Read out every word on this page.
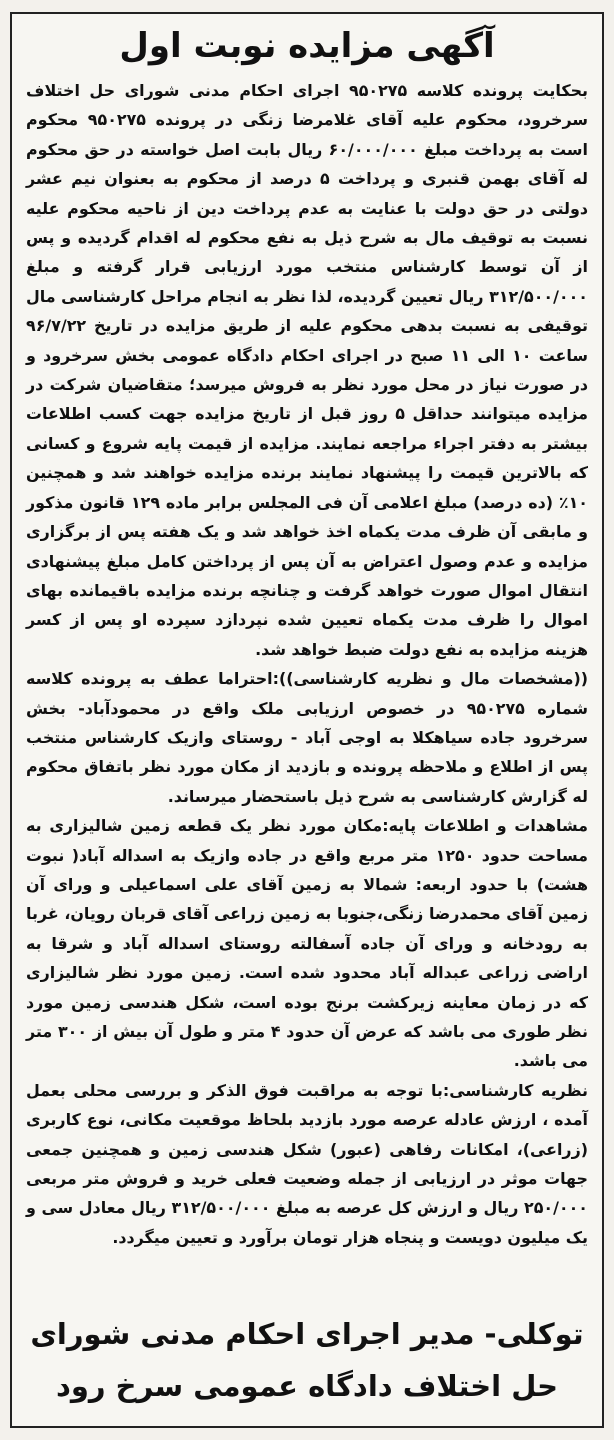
آگهی مزایده نوبت اول

بحکایت پرونده کلاسه ۹۵۰۲۷۵ اجرای احکام مدنی شورای حل اختلاف سرخرود، محکوم علیه آقای غلامرضا زنگی در پرونده ۹۵۰۲۷۵ محکوم است به پرداخت مبلغ ۶۰/۰۰۰/۰۰۰ ریال بابت اصل خواسته در حق محکوم له آقای بهمن قنبری و پرداخت ۵ درصد از محکوم به بعنوان نیم عشر دولتی در حق دولت با عنایت به عدم پرداخت دین از ناحیه محکوم علیه نسبت به توقیف مال به شرح ذیل به نفع محکوم له اقدام گردیده و پس از آن توسط کارشناس منتخب مورد ارزیابی قرار گرفته و مبلغ ۳۱۲/۵۰۰/۰۰۰ ریال تعیین گردیده، لذا نظر به انجام مراحل کارشناسی مال توقیفی به نسبت بدهی محکوم علیه از طریق مزایده در تاریخ ۹۶/۷/۲۲ ساعت ۱۰ الی ۱۱ صبح در اجرای احکام دادگاه عمومی بخش سرخرود و در صورت نیاز در محل مورد نظر به فروش میرسد؛ متقاضیان شرکت در مزایده میتوانند حداقل ۵ روز قبل از تاریخ مزایده جهت کسب اطلاعات بیشتر به دفتر اجراء مراجعه نمایند. مزایده از قیمت پایه شروع و کسانی که بالاترین قیمت را پیشنهاد نمایند برنده مزایده خواهند شد و همچنین ۱۰٪ (ده درصد) مبلغ اعلامی آن فی المجلس برابر ماده ۱۲۹ قانون مذکور و مابقی آن ظرف مدت یکماه اخذ خواهد شد و یک هفته پس از برگزاری مزایده و عدم وصول اعتراض به آن پس از پرداختن کامل مبلغ پیشنهادی انتقال اموال صورت خواهد گرفت و چنانچه برنده مزایده باقیمانده بهای اموال را ظرف مدت یکماه تعیین شده نپردازد سپرده او پس از کسر هزینه مزایده به نفع دولت ضبط خواهد شد.

((مشخصات مال و نظریه کارشناسی)):احتراما عطف به پرونده کلاسه شماره ۹۵۰۲۷۵ در خصوص ارزیابی ملک واقع در محمودآباد- بخش سرخرود جاده سیاهکلا به اوجی آباد - روستای وازیک کارشناس منتخب پس از اطلاع و ملاحظه پرونده و بازدید از مکان مورد نظر باتفاق محکوم له گزارش کارشناسی به شرح ذیل باستحضار میرساند.

مشاهدات و اطلاعات پایه:مکان مورد نظر یک قطعه زمین شالیزاری به مساحت حدود ۱۲۵۰ متر مربع واقع در جاده وازیک به اسداله آباد( نبوت هشت) با حدود اربعه: شمالا به زمین آقای علی اسماعیلی و ورای آن زمین آقای محمدرضا زنگی،جنوبا به زمین زراعی آقای قربان رویان، غربا به رودخانه و ورای آن جاده آسفالته روستای اسداله آباد و شرقا به اراضی زراعی عبداله آباد محدود شده است. زمین مورد نظر شالیزاری که در زمان معاینه زیرکشت برنج بوده است، شکل هندسی زمین مورد نظر طوری می باشد که عرض آن حدود ۴ متر و طول آن بیش از ۳۰۰ متر می باشد.

نظریه کارشناسی:با توجه به مراقبت فوق الذکر و بررسی محلی بعمل آمده ، ارزش عادله عرصه مورد بازدید بلحاظ موقعیت مکانی، نوع کاربری (زراعی)، امکانات رفاهی (عبور) شکل هندسی زمین و همچنین جمعی جهات موثر در ارزیابی از جمله وضعیت فعلی خرید و فروش متر مربعی ۲۵۰/۰۰۰ ریال و ارزش کل عرصه به مبلغ ۳۱۲/۵۰۰/۰۰۰ ریال معادل سی و یک میلیون دویست و پنجاه هزار تومان برآورد و تعیین میگردد.

توکلی- مدیر اجرای احکام مدنی شورای
حل اختلاف دادگاه عمومی سرخ رود
